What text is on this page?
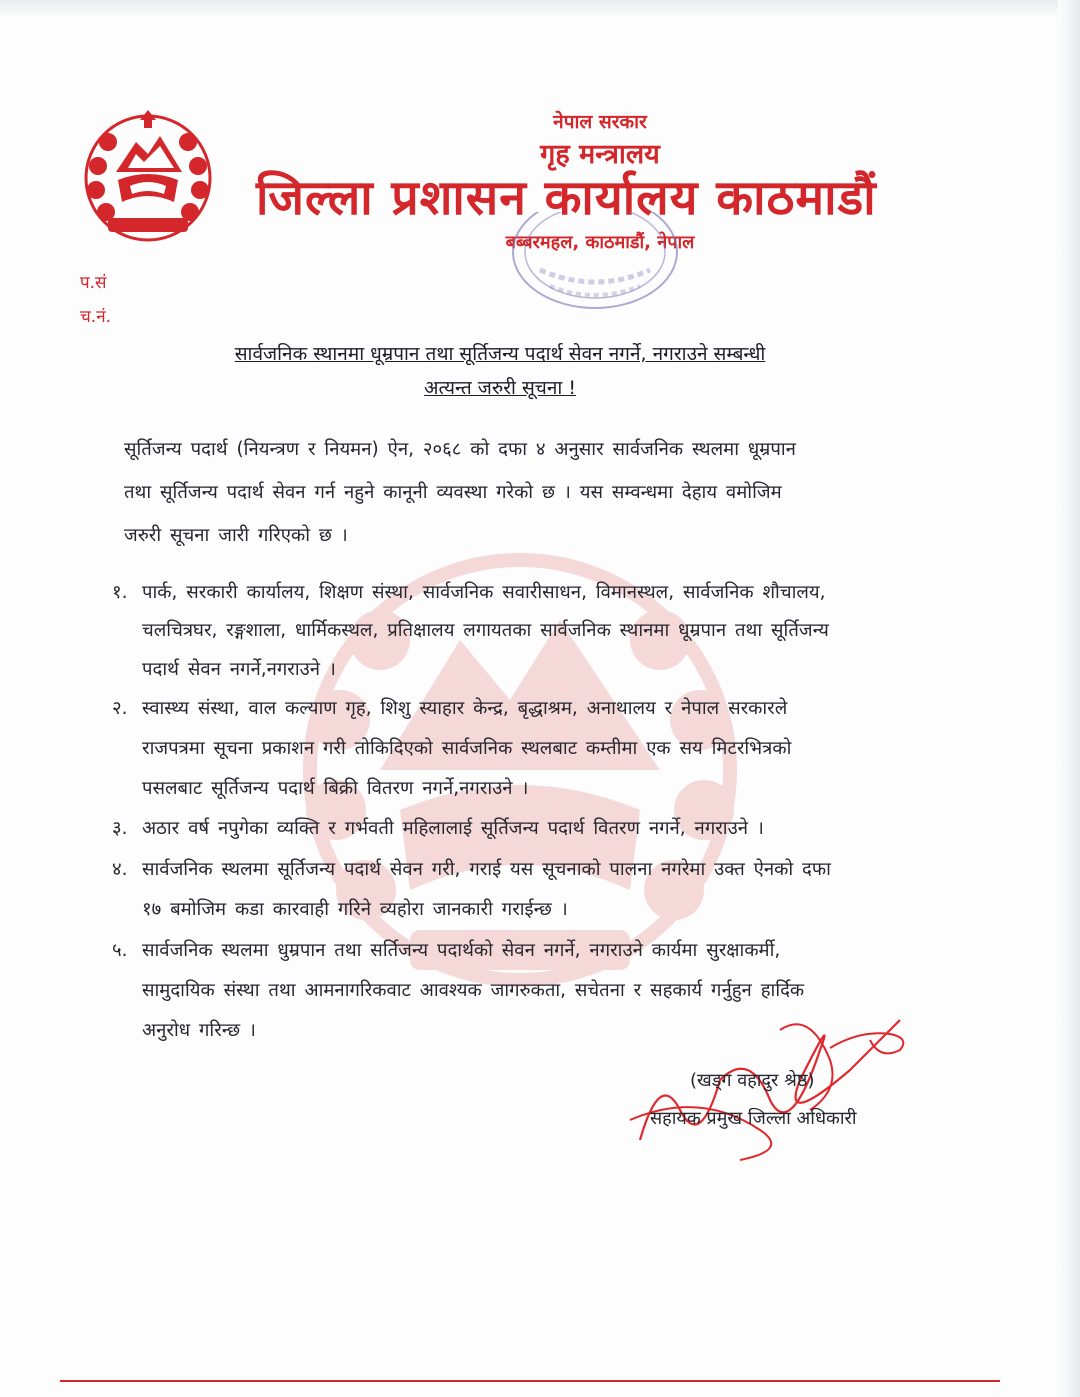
नेपाल सरकार
गृह मन्त्रालय
जिल्ला प्रशासन कार्यालय काठमाडौं
बब्बरमहल, काठमाडौं, नेपाल
प.सं
च.नं.
सार्वजनिक स्थानमा धूम्रपान तथा सूर्तिजन्य पदार्थ सेवन नगर्ने, नगराउने सम्बन्धी
अत्यन्त जरुरी सूचना !
सूर्तिजन्य पदार्थ (नियन्त्रण र नियमन) ऐन, २०६८ को दफा ४ अनुसार सार्वजनिक स्थलमा धूम्रपान
तथा सूर्तिजन्य पदार्थ सेवन गर्न नहुने कानूनी व्यवस्था गरेको छ । यस सम्वन्धमा देहाय वमोजिम
जरुरी सूचना जारी गरिएको छ ।
१. पार्क, सरकारी कार्यालय, शिक्षण संस्था, सार्वजनिक सवारीसाधन, विमानस्थल, सार्वजनिक शौचालय,
चलचित्रघर, रङ्गशाला, धार्मिकस्थल, प्रतिक्षालय लगायतका सार्वजनिक स्थानमा धूम्रपान तथा सूर्तिजन्य
पदार्थ सेवन नगर्ने,नगराउने ।
२. स्वास्थ्य संस्था, वाल कल्याण गृह, शिशु स्याहार केन्द्र, बृद्धाश्रम, अनाथालय र नेपाल सरकारले
राजपत्रमा सूचना प्रकाशन गरी तोकिदिएको सार्वजनिक स्थलबाट कम्तीमा एक सय मिटरभित्रको
पसलबाट सूर्तिजन्य पदार्थ बिक्री वितरण नगर्ने,नगराउने ।
३. अठार वर्ष नपुगेका व्यक्ति र गर्भवती महिलालाई सूर्तिजन्य पदार्थ वितरण नगर्ने, नगराउने ।
४. सार्वजनिक स्थलमा सूर्तिजन्य पदार्थ सेवन गरी, गराई यस सूचनाको पालना नगरेमा उक्त ऐनको दफा
१७ बमोजिम कडा कारवाही गरिने व्यहोरा जानकारी गराईन्छ ।
५. सार्वजनिक स्थलमा धुम्रपान तथा सर्तिजन्य पदार्थको सेवन नगर्ने, नगराउने कार्यमा सुरक्षाकर्मी,
सामुदायिक संस्था तथा आमनागरिकवाट आवश्यक जागरुकता, सचेतना र सहकार्य गर्नुहुन हार्दिक
अनुरोध गरिन्छ ।
(खड्ग वहादुर श्रेष्ठ)
सहायक प्रमुख जिल्ला अधिकारी
